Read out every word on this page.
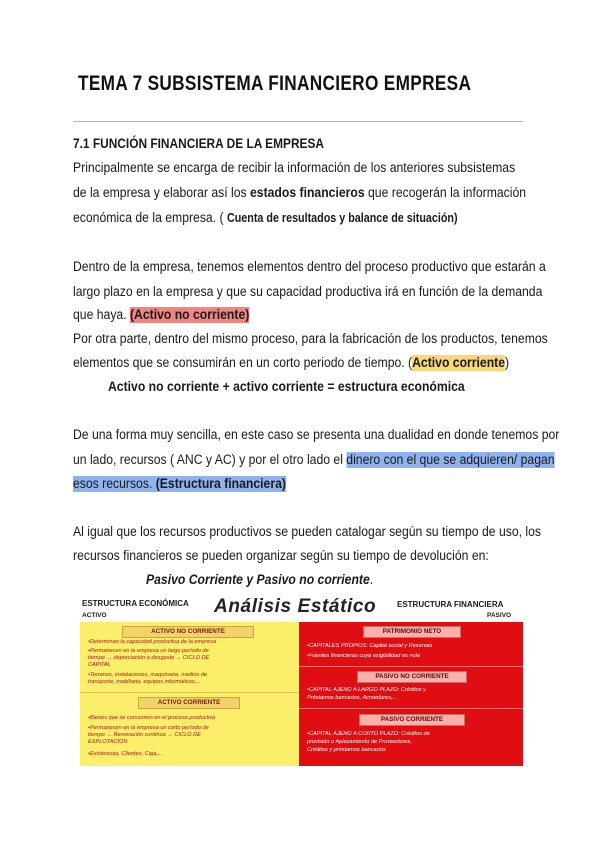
TEMA 7 SUBSISTEMA FINANCIERO EMPRESA
7.1 FUNCIÓN FINANCIERA DE LA EMPRESA
Principalmente se encarga de recibir la información de los anteriores subsistemas
de la empresa y elaborar así los estados financieros que recogerán la información
económica de la empresa. ( Cuenta de resultados y balance de situación)
Dentro de la empresa, tenemos elementos dentro del proceso productivo que estarán a
largo plazo en la empresa y que su capacidad productiva irá en función de la demanda
que haya. (Activo no corriente)
Por otra parte, dentro del mismo proceso, para la fabricación de los productos, tenemos
elementos que se consumirán en un corto periodo de tiempo. (Activo corriente)
Activo no corriente + activo corriente = estructura económica
De una forma muy sencilla, en este caso se presenta una dualidad en donde tenemos por
un lado, recursos ( ANC y AC) y por el otro lado el dinero con el que se adquieren/ pagan
esos recursos. (Estructura financiera)
Al igual que los recursos productivos se pueden catalogar según su tiempo de uso, los
recursos financieros se pueden organizar según su tiempo de devolución en:
Pasivo Corriente y Pasivo no corriente.
ESTRUCTURA ECONÓMICA
ACTIVO	Análisis Estático	ESTRUCTURA FINANCIERA
PASIVO
ACTIVO NO CORRIENTE
•Determinan la capacidad productiva de la empresa
•Permanecen en la empresa un largo período de
tiempo → depreciación o desgaste → CICLO DE
CAPITAL
•Terrenos, instalaciones, maquinaria, medios de
transporte, mobiliario, equipos informáticos,...
ACTIVO CORRIENTE
•Bienes que se consumen en el proceso productivo
•Permanecen en la empresa un corto período de
tiempo → Renovación continua → CICLO DE
EXPLOTACIÓN
•Existencias, Clientes, Caja,...
PATRIMONIO NETO
•CAPITALES PROPIOS: Capital social y Reservas
•Fuentes financieras cuya exigibilidad es nula
PASIVO NO CORRIENTE
•CAPITAL AJENO A LARGO PLAZO: Créditos y
Préstamos bancarios, Acreedores,...
PASIVO CORRIENTE
•CAPITAL AJENO A CORTO PLAZO: Créditos de
provisión o Aplazamiento de Proveedores,
Créditos y préstamos bancarios
